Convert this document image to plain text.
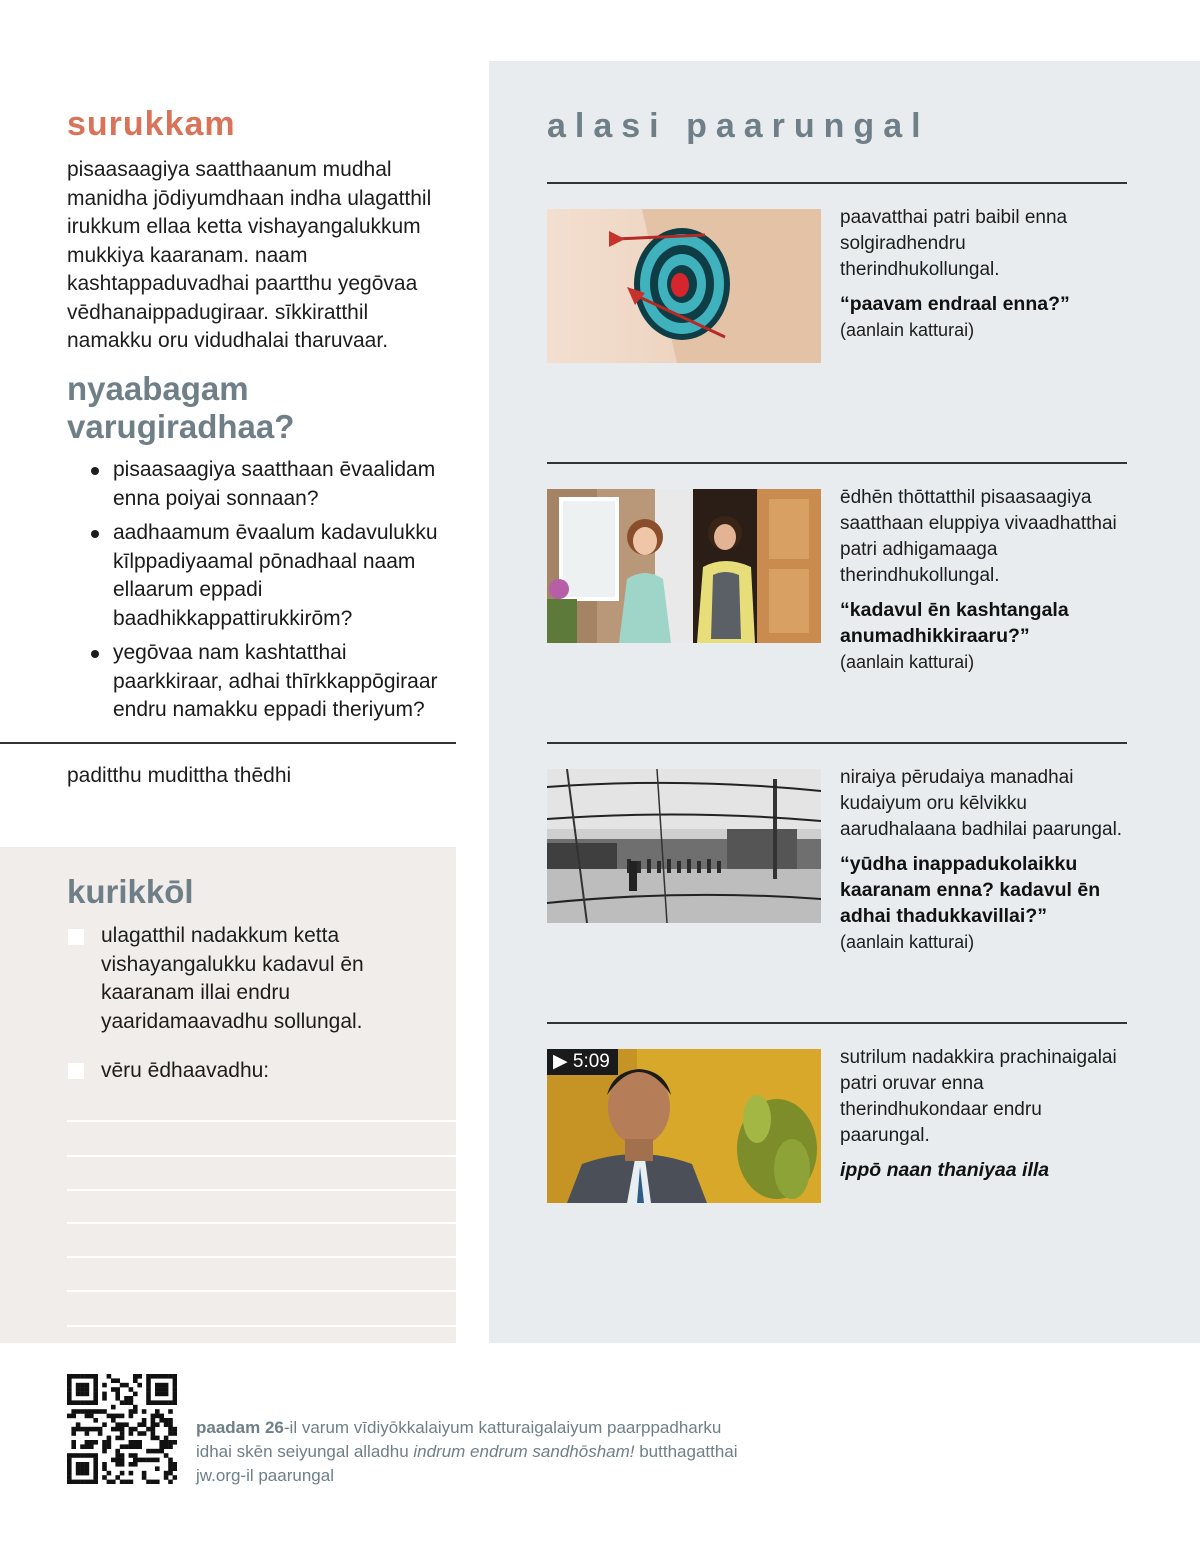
surukkam
pisaasaagiya saatthaanum mudhal manidha jōdiyumdhaan indha ulagatthil irukkum ellaa ketta vishayangalukkum mukkiya kaaranam. naam kashtappaduvadhai paartthu yegōvaa vēdhanaippadugiraar. sīkkiratthil namakku oru vidudhalai tharuvaar.
nyaabagam
varugiradhaa?
pisaasaagiya saatthaan ēvaalidam enna poiyai sonnaan?
aadhaamum ēvaalum kadavulukku kīlppadiyaamal pōnadhaal naam ellaarum eppadi baadhikkappattirukkirōm?
yegōvaa nam kashtatthai paarkkiraar, adhai thīrkkappōgiraar endru namakku eppadi theriyum?
paditthu mudittha thēdhi
kurikkōl
ulagatthil nadakkum ketta vishayangalukku kadavul ēn kaaranam illai endru yaaridamaavadhu sollungal.
vēru ēdhaavadhu:
alasi paarungal
paavatthai patri baibil enna solgiradhendru therindhukollungal.
“paavam endraal enna?”
(aanlain katturai)
ēdhēn thōttatthil pisaasaagiya saatthaan eluppiya vivaadhatthai patri adhigamaaga therindhukollungal.
“kadavul ēn kashtangala anumadhikkiraaru?”
(aanlain katturai)
niraiya pērudaiya manadhai kudaiyum oru kēlvikku aarudhalaana badhilai paarungal.
“yūdha inappadukolaikku kaaranam enna? kadavul ēn adhai thadukkavillai?”
(aanlain katturai)
▶ 5:09	sutrilum nadakkira prachinaigalai patri oruvar enna therindhukondaar endru paarungal.
ippō naan thaniyaa illa
paadam 26-il varum vīdiyōkkalaiyum katturaigalaiyum paarppadharku
idhai skēn seiyungal alladhu indrum endrum sandhōsham! butthagatthai
jw.org-il paarungal
